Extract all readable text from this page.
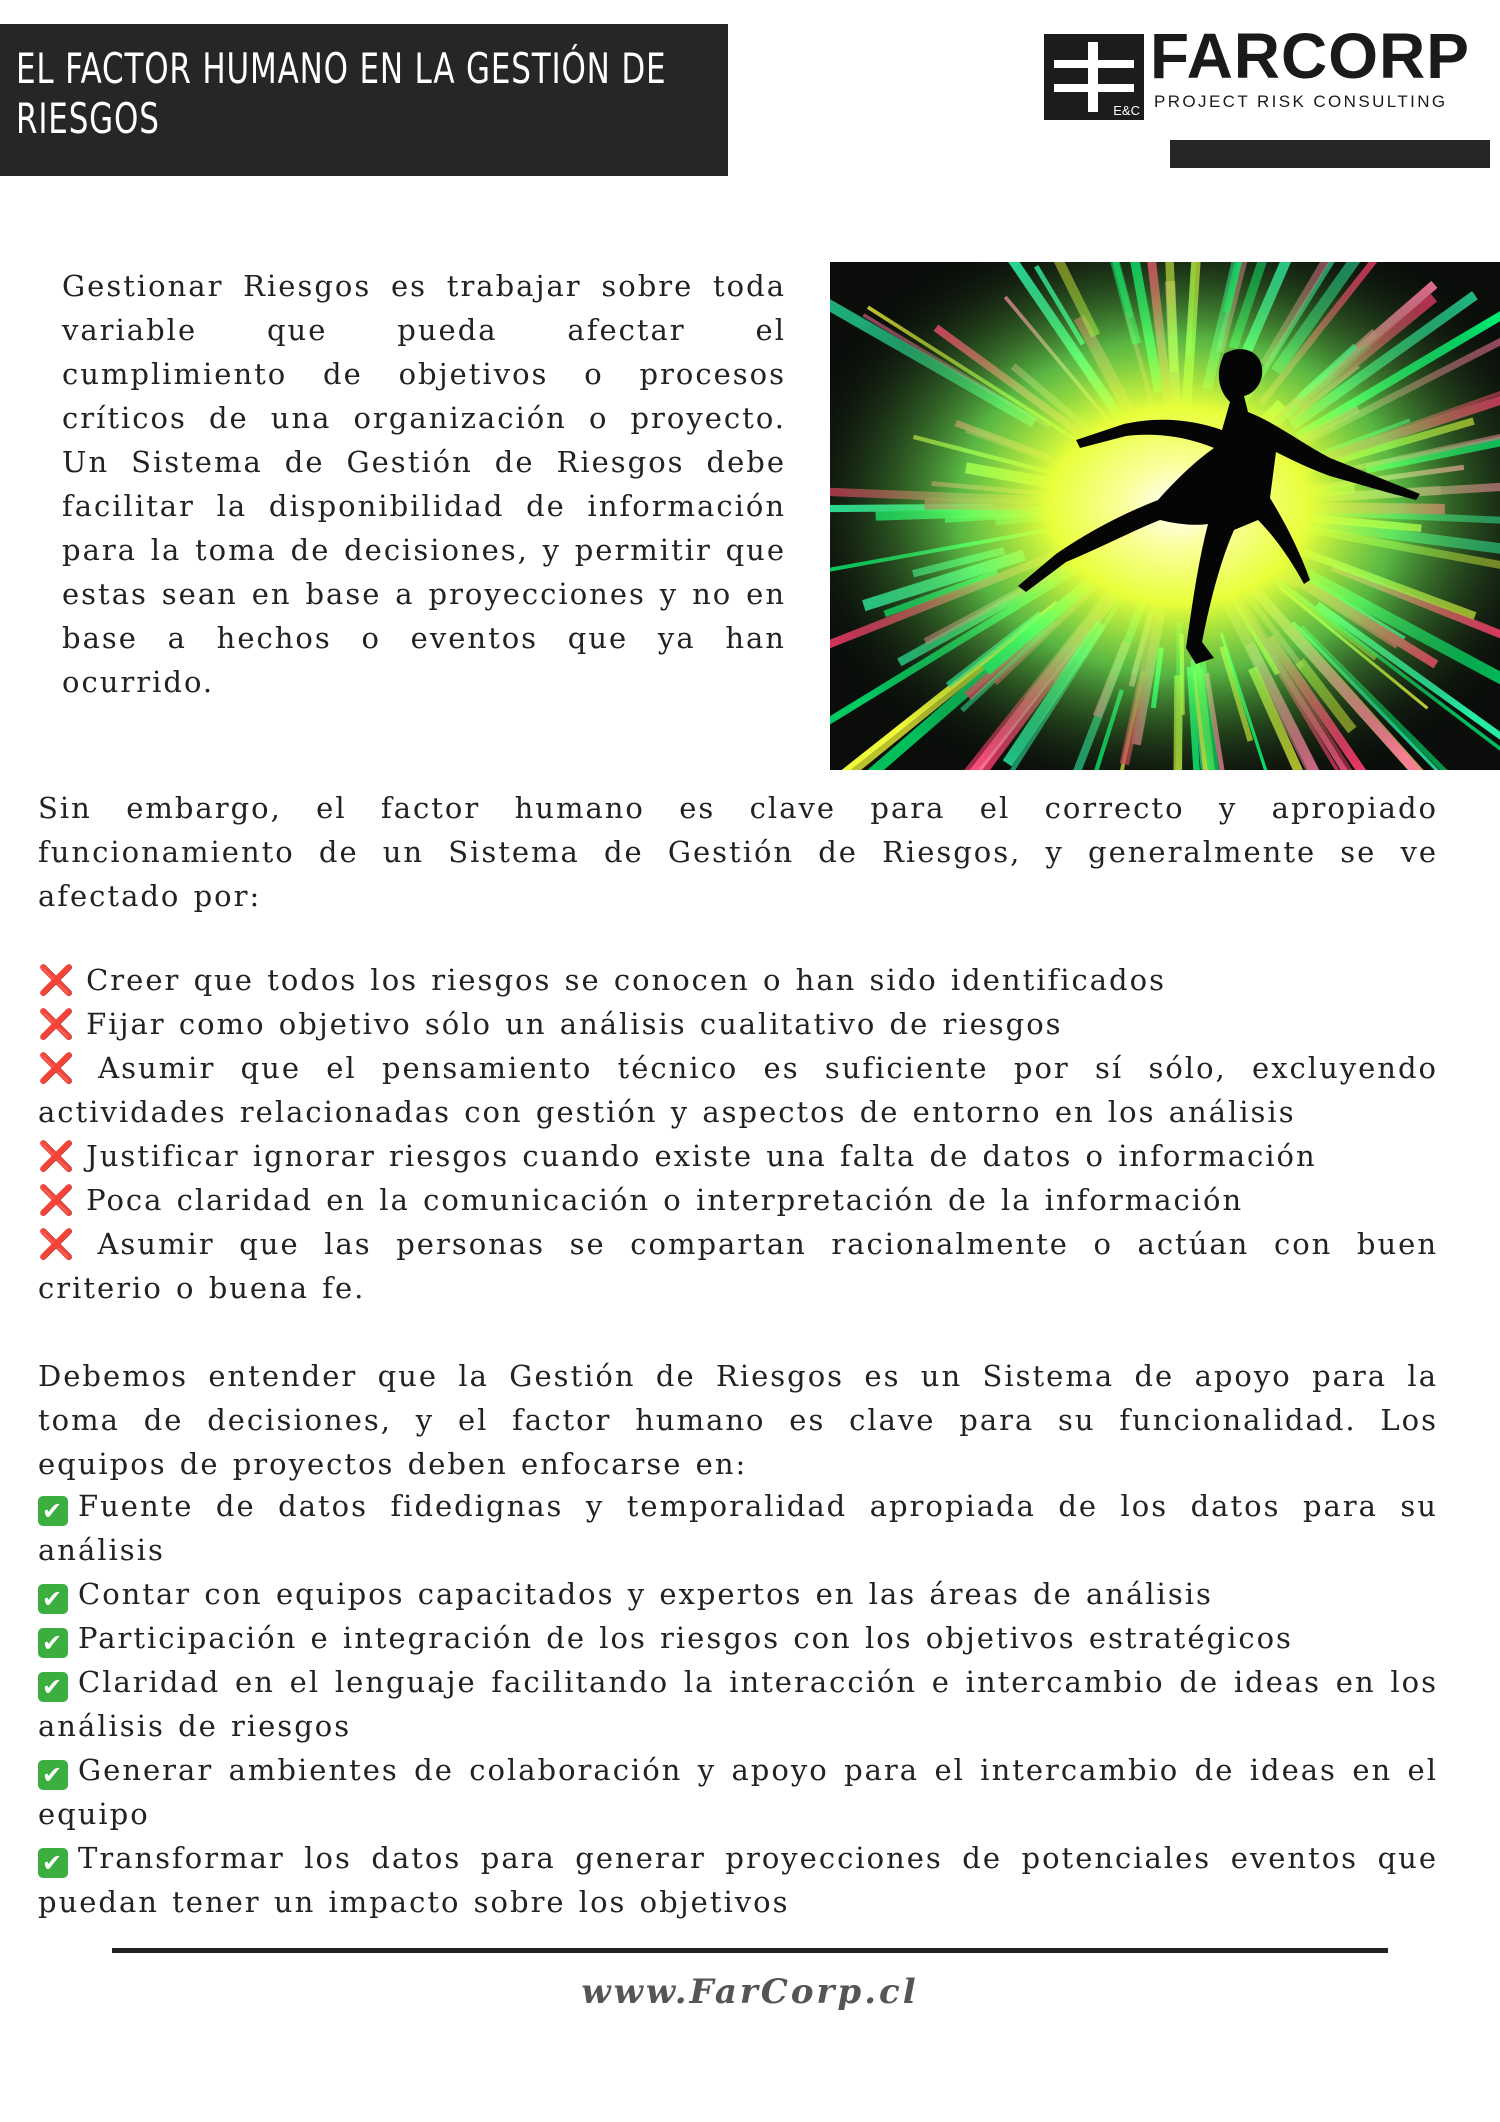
EL FACTOR HUMANO EN LA GESTIÓN DE RIESGOS	E&C
FARCORP
PROJECT RISK CONSULTING

Gestionar Riesgos es trabajar sobre toda variable que pueda afectar el cumplimiento de objetivos o procesos críticos de una organización o proyecto. Un Sistema de Gestión de Riesgos debe facilitar la disponibilidad de información para la toma de decisiones, y permitir que estas sean en base a proyecciones y no en base a hechos o eventos que ya han ocurrido.

Sin embargo, el factor humano es clave para el correcto y apropiado funcionamiento de un Sistema de Gestión de Riesgos, y generalmente se ve afectado por:

❌ Creer que todos los riesgos se conocen o han sido identificados
❌ Fijar como objetivo sólo un análisis cualitativo de riesgos
❌ Asumir que el pensamiento técnico es suficiente por sí sólo, excluyendo actividades relacionadas con gestión y aspectos de entorno en los análisis
❌ Justificar ignorar riesgos cuando existe una falta de datos o información
❌ Poca claridad en la comunicación o interpretación de la información
❌ Asumir que las personas se compartan racionalmente o actúan con buen criterio o buena fe.

Debemos entender que la Gestión de Riesgos es un Sistema de apoyo para la toma de decisiones, y el factor humano es clave para su funcionalidad. Los equipos de proyectos deben enfocarse en:

✔ Fuente de datos fidedignas y temporalidad apropiada de los datos para su análisis
✔ Contar con equipos capacitados y expertos en las áreas de análisis
✔ Participación e integración de los riesgos con los objetivos estratégicos
✔ Claridad en el lenguaje facilitando la interacción e intercambio de ideas en los análisis de riesgos
✔ Generar ambientes de colaboración y apoyo para el intercambio de ideas en el equipo
✔ Transformar los datos para generar proyecciones de potenciales eventos que puedan tener un impacto sobre los objetivos
www.FarCorp.cl
